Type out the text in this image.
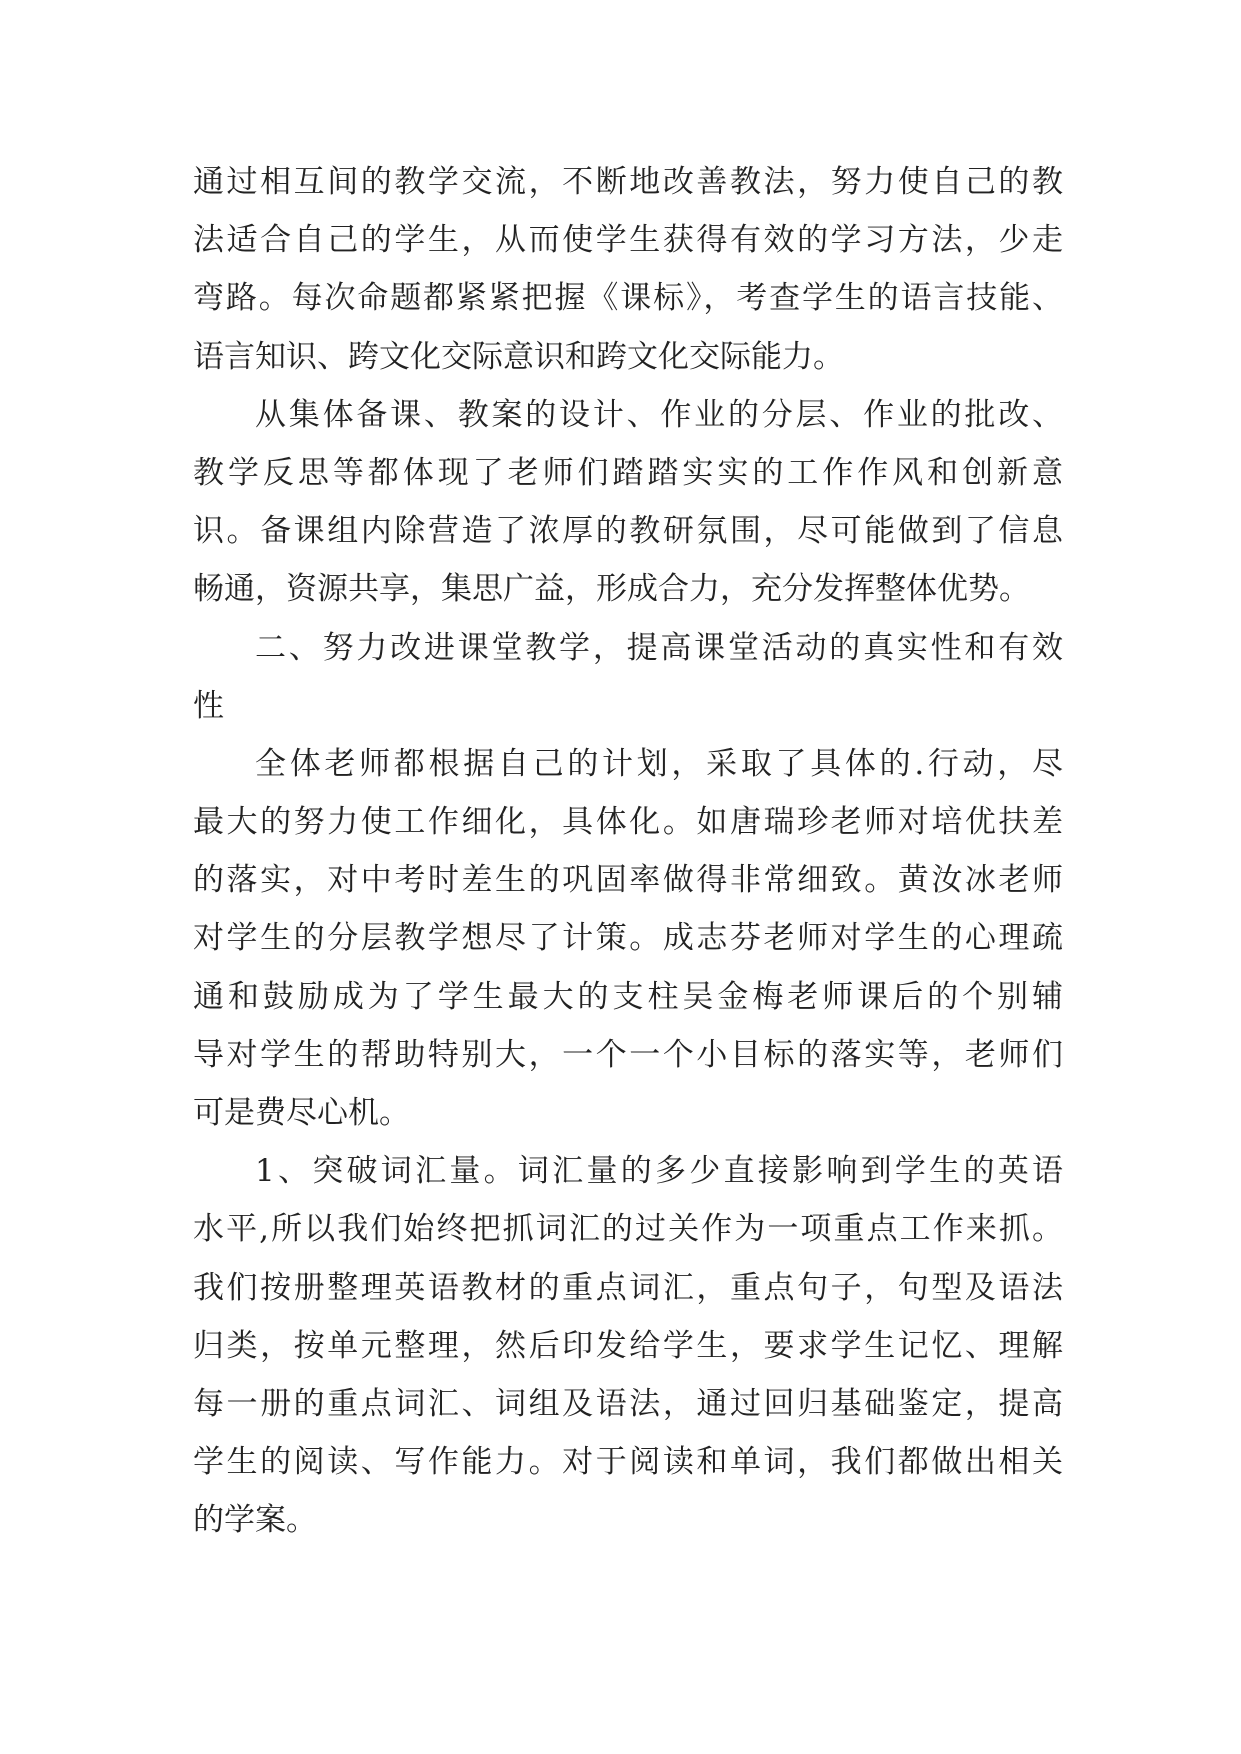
通过相互间的教学交流，不断地改善教法，努力使自己的教
法适合自己的学生，从而使学生获得有效的学习方法，少走
弯路。每次命题都紧紧把握《课标》，考查学生的语言技能、
语言知识、跨文化交际意识和跨文化交际能力。
从集体备课、教案的设计、作业的分层、作业的批改、
教学反思等都体现了老师们踏踏实实的工作作风和创新意
识。备课组内除营造了浓厚的教研氛围，尽可能做到了信息
畅通，资源共享，集思广益，形成合力，充分发挥整体优势。
二、努力改进课堂教学，提高课堂活动的真实性和有效
性
全体老师都根据自己的计划，采取了具体的.行动，尽
最大的努力使工作细化，具体化。如唐瑞珍老师对培优扶差
的落实，对中考时差生的巩固率做得非常细致。黄汝冰老师
对学生的分层教学想尽了计策。成志芬老师对学生的心理疏
通和鼓励成为了学生最大的支柱吴金梅老师课后的个别辅
导对学生的帮助特别大，一个一个小目标的落实等，老师们
可是费尽心机。
1、突破词汇量。词汇量的多少直接影响到学生的英语
水平,所以我们始终把抓词汇的过关作为一项重点工作来抓。
我们按册整理英语教材的重点词汇，重点句子，句型及语法
归类，按单元整理，然后印发给学生，要求学生记忆、理解
每一册的重点词汇、词组及语法，通过回归基础鉴定，提高
学生的阅读、写作能力。对于阅读和单词，我们都做出相关
的学案。
